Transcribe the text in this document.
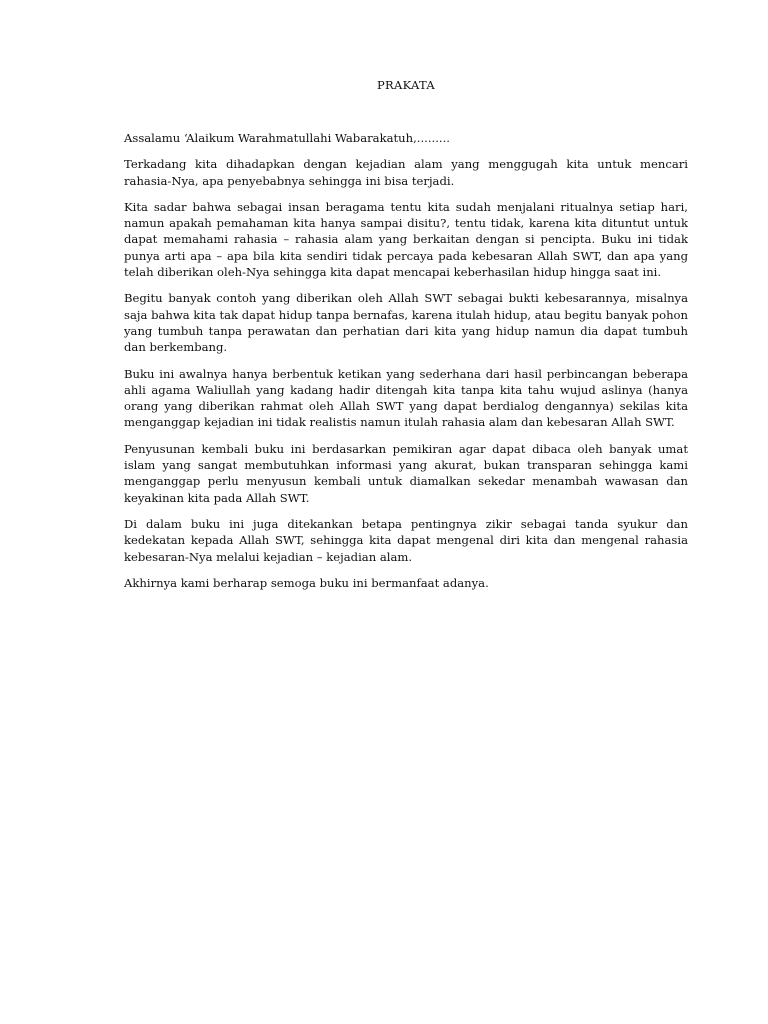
PRAKATA

Assalamu ‘Alaikum Warahmatullahi Wabarakatuh,.........

Terkadang kita dihadapkan dengan kejadian alam yang menggugah kita untuk mencari rahasia-Nya, apa penyebabnya sehingga ini bisa terjadi.

Kita sadar bahwa sebagai insan beragama tentu kita sudah menjalani ritualnya setiap hari, namun apakah pemahaman kita hanya sampai disitu?, tentu tidak, karena kita dituntut untuk dapat memahami rahasia – rahasia alam yang berkaitan dengan si pencipta. Buku ini tidak punya arti apa – apa bila kita sendiri tidak percaya pada kebesaran Allah SWT, dan apa yang telah diberikan oleh-Nya sehingga kita dapat mencapai keberhasilan hidup hingga saat ini.

Begitu banyak contoh yang diberikan oleh Allah SWT sebagai bukti kebesarannya, misalnya saja bahwa kita tak dapat hidup tanpa bernafas, karena itulah hidup, atau begitu banyak pohon yang tumbuh tanpa perawatan dan perhatian dari kita yang hidup namun dia dapat tumbuh dan berkembang.

Buku ini awalnya hanya berbentuk ketikan yang sederhana dari hasil perbincangan beberapa ahli agama Waliullah yang kadang hadir ditengah kita tanpa kita tahu wujud aslinya (hanya orang yang diberikan rahmat oleh Allah SWT yang dapat berdialog dengannya) sekilas kita menganggap kejadian ini tidak realistis namun itulah rahasia alam dan kebesaran Allah SWT.

Penyusunan kembali buku ini berdasarkan pemikiran agar dapat dibaca oleh banyak umat islam yang sangat membutuhkan informasi yang akurat, bukan transparan sehingga kami menganggap perlu menyusun kembali untuk diamalkan sekedar menambah wawasan dan keyakinan kita pada Allah SWT.

Di dalam buku ini juga ditekankan betapa pentingnya zikir sebagai tanda syukur dan kedekatan kepada Allah SWT, sehingga kita dapat mengenal diri kita dan mengenal rahasia kebesaran-Nya melalui kejadian – kejadian alam.

Akhirnya kami berharap semoga buku ini bermanfaat adanya.
